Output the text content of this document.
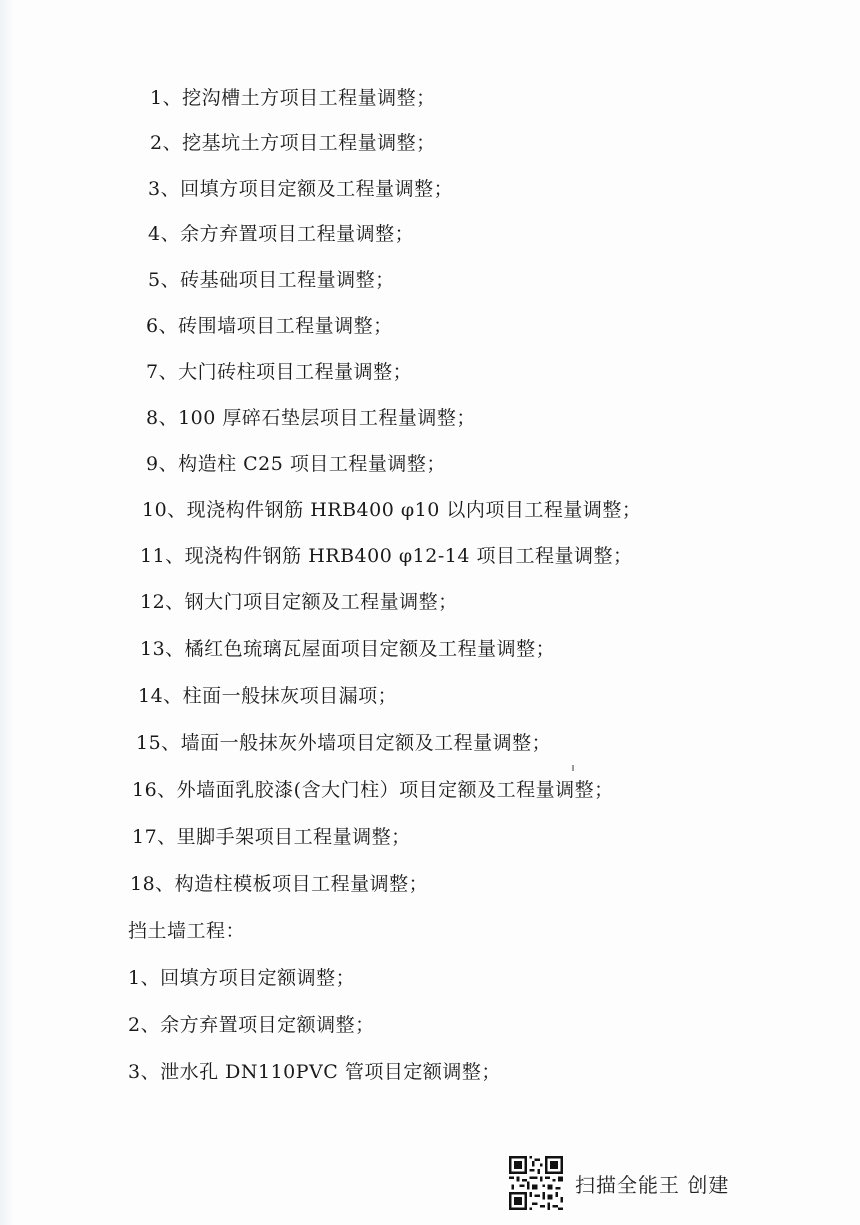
1、挖沟槽土方项目工程量调整；
2、挖基坑土方项目工程量调整；
3、回填方项目定额及工程量调整；
4、余方弃置项目工程量调整；
5、砖基础项目工程量调整；
6、砖围墙项目工程量调整；
7、大门砖柱项目工程量调整；
8、100 厚碎石垫层项目工程量调整；
9、构造柱 C25 项目工程量调整；
10、现浇构件钢筋 HRB400 φ10 以内项目工程量调整；
11、现浇构件钢筋 HRB400 φ12-14 项目工程量调整；
12、钢大门项目定额及工程量调整；
13、橘红色琉璃瓦屋面项目定额及工程量调整；
14、柱面一般抹灰项目漏项；
15、墙面一般抹灰外墙项目定额及工程量调整；
16、外墙面乳胶漆(含大门柱）项目定额及工程量调整；
17、里脚手架项目工程量调整；
18、构造柱模板项目工程量调整；
挡土墙工程：
1、回填方项目定额调整；
2、余方弃置项目定额调整；
3、泄水孔 DN110PVC 管项目定额调整；
扫描全能王 创建
